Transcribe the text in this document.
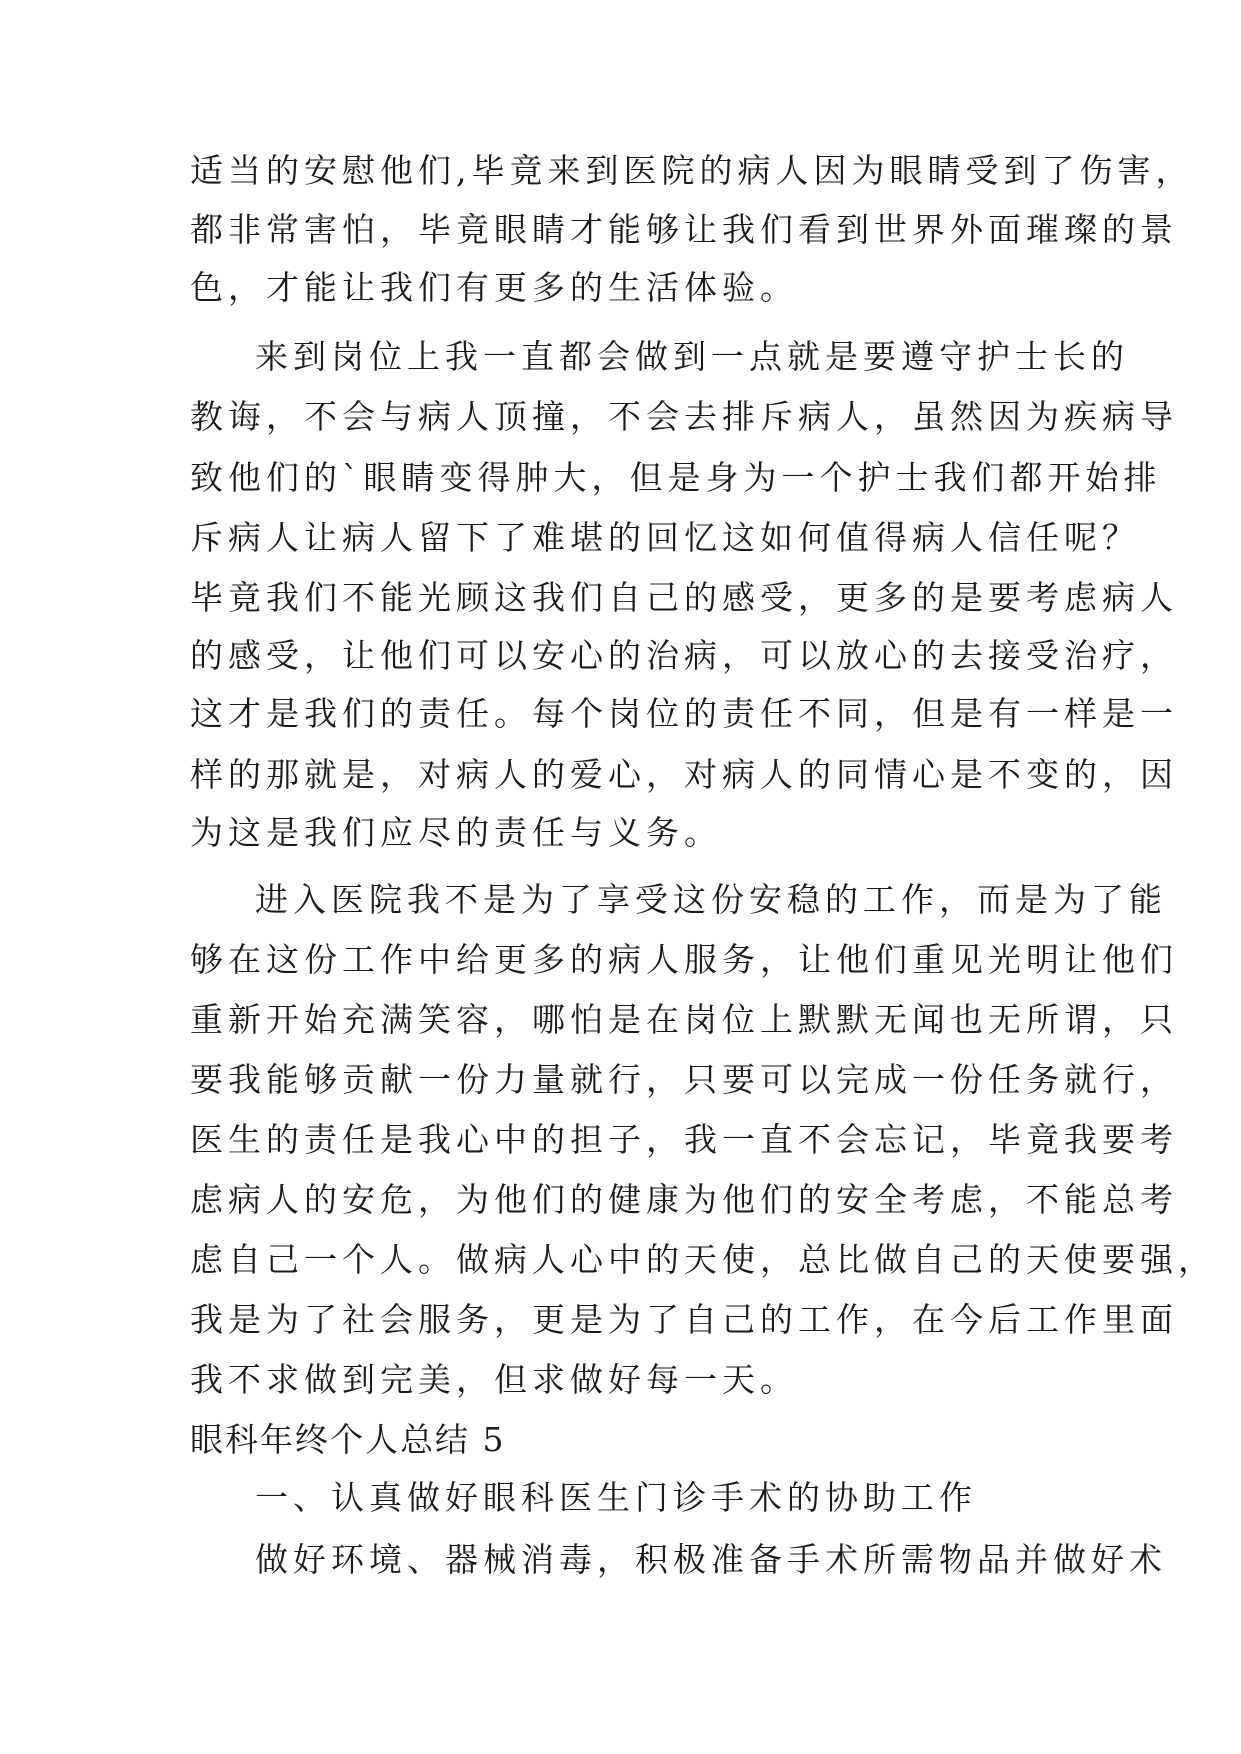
适当的安慰他们,毕竟来到医院的病人因为眼睛受到了伤害，
都非常害怕，毕竟眼睛才能够让我们看到世界外面璀璨的景
色，才能让我们有更多的生活体验。
来到岗位上我一直都会做到一点就是要遵守护士长的
教诲，不会与病人顶撞，不会去排斥病人，虽然因为疾病导
致他们的`眼睛变得肿大，但是身为一个护士我们都开始排
斥病人让病人留下了难堪的回忆这如何值得病人信任呢？
毕竟我们不能光顾这我们自己的感受，更多的是要考虑病人
的感受，让他们可以安心的治病，可以放心的去接受治疗，
这才是我们的责任。每个岗位的责任不同，但是有一样是一
样的那就是，对病人的爱心，对病人的同情心是不变的，因
为这是我们应尽的责任与义务。
进入医院我不是为了享受这份安稳的工作，而是为了能
够在这份工作中给更多的病人服务，让他们重见光明让他们
重新开始充满笑容，哪怕是在岗位上默默无闻也无所谓，只
要我能够贡献一份力量就行，只要可以完成一份任务就行，
医生的责任是我心中的担子，我一直不会忘记，毕竟我要考
虑病人的安危，为他们的健康为他们的安全考虑，不能总考
虑自己一个人。做病人心中的天使，总比做自己的天使要强，
我是为了社会服务，更是为了自己的工作，在今后工作里面
我不求做到完美，但求做好每一天。
眼科年终个人总结 5
一、认真做好眼科医生门诊手术的协助工作
做好环境、器械消毒，积极准备手术所需物品并做好术
